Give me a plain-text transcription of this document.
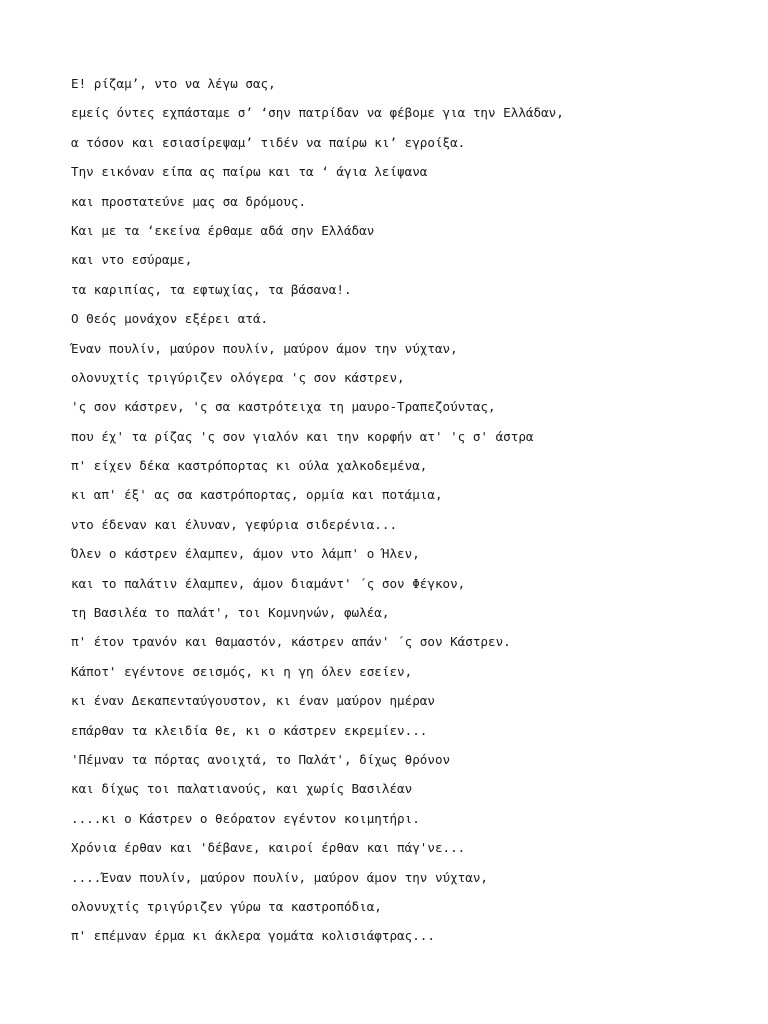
Ε! ρίζαμ’, ντο να λέγω σας,
εμείς όντες εχπάσταμε σ’ ‘σην πατρίδαν να φέβομε για την Ελλάδαν,
α τόσον και εσιασίρεψαμ’ τιδέν να παίρω κι’ εγροίξα.
Την εικόναν είπα ας παίρω και τα ‘ άγια λείψανα
και προστατεύνε μας σα δρόμους.
Και με τα ‘εκείνα έρθαμε αδά σην Ελλάδαν
και ντο εσύραμε,
τα καριπίας, τα εφτωχίας, τα βάσανα!.
Ο Θεός μονάχον εξέρει ατά.
Έναν πουλίν, μαύρον πουλίν, μαύρον άμον την νύχταν,
ολονυχτίς τριγύριζεν ολόγερα 'ς σον κάστρεν,
'ς σον κάστρεν, 'ς σα καστρότειχα τη μαυρο-Τραπεζούντας,
που έχ' τα ρίζας 'ς σον γιαλόν και την κορφήν ατ' 'ς σ' άστρα
π' είχεν δέκα καστρόπορτας κι ούλα χαλκοδεμένα,
κι απ' έξ' ας σα καστρόπορτας, ορμία και ποτάμια,
ντο έδεναν και έλυναν, γεφύρια σιδερένια...
Όλεν ο κάστρεν έλαμπεν, άμον ντο λάμπ' ο Ήλεν,
και το παλάτιν έλαμπεν, άμον διαμάντ' ΄ς σον Φέγκον,
τη Βασιλέα το παλάτ', τοι Κομνηνών, φωλέα,
π' έτον τρανόν και θαμαστόν, κάστρεν απάν' ΄ς σον Κάστρεν.
Κάποτ' εγέντονε σεισμός, κι η γη όλεν εσείεν,
κι έναν Δεκαπενταύγουστον, κι έναν μαύρον ημέραν
επάρθαν τα κλειδία θε, κι ο κάστρεν εκρεμίεν...
'Πέμναν τα πόρτας ανοιχτά, το Παλάτ', δίχως θρόνον
και δίχως τοι παλατιανούς, και χωρίς Βασιλέαν
....κι ο Κάστρεν ο θεόρατον εγέντον κοιμητήρι.
Χρόνια έρθαν και 'δέβανε, καιροί έρθαν και πάγ'νε...
....Έναν πουλίν, μαύρον πουλίν, μαύρον άμον την νύχταν,
ολονυχτίς τριγύριζεν γύρω τα καστροπόδια,
π' επέμναν έρμα κι άκλερα γομάτα κολισιάφτρας...
